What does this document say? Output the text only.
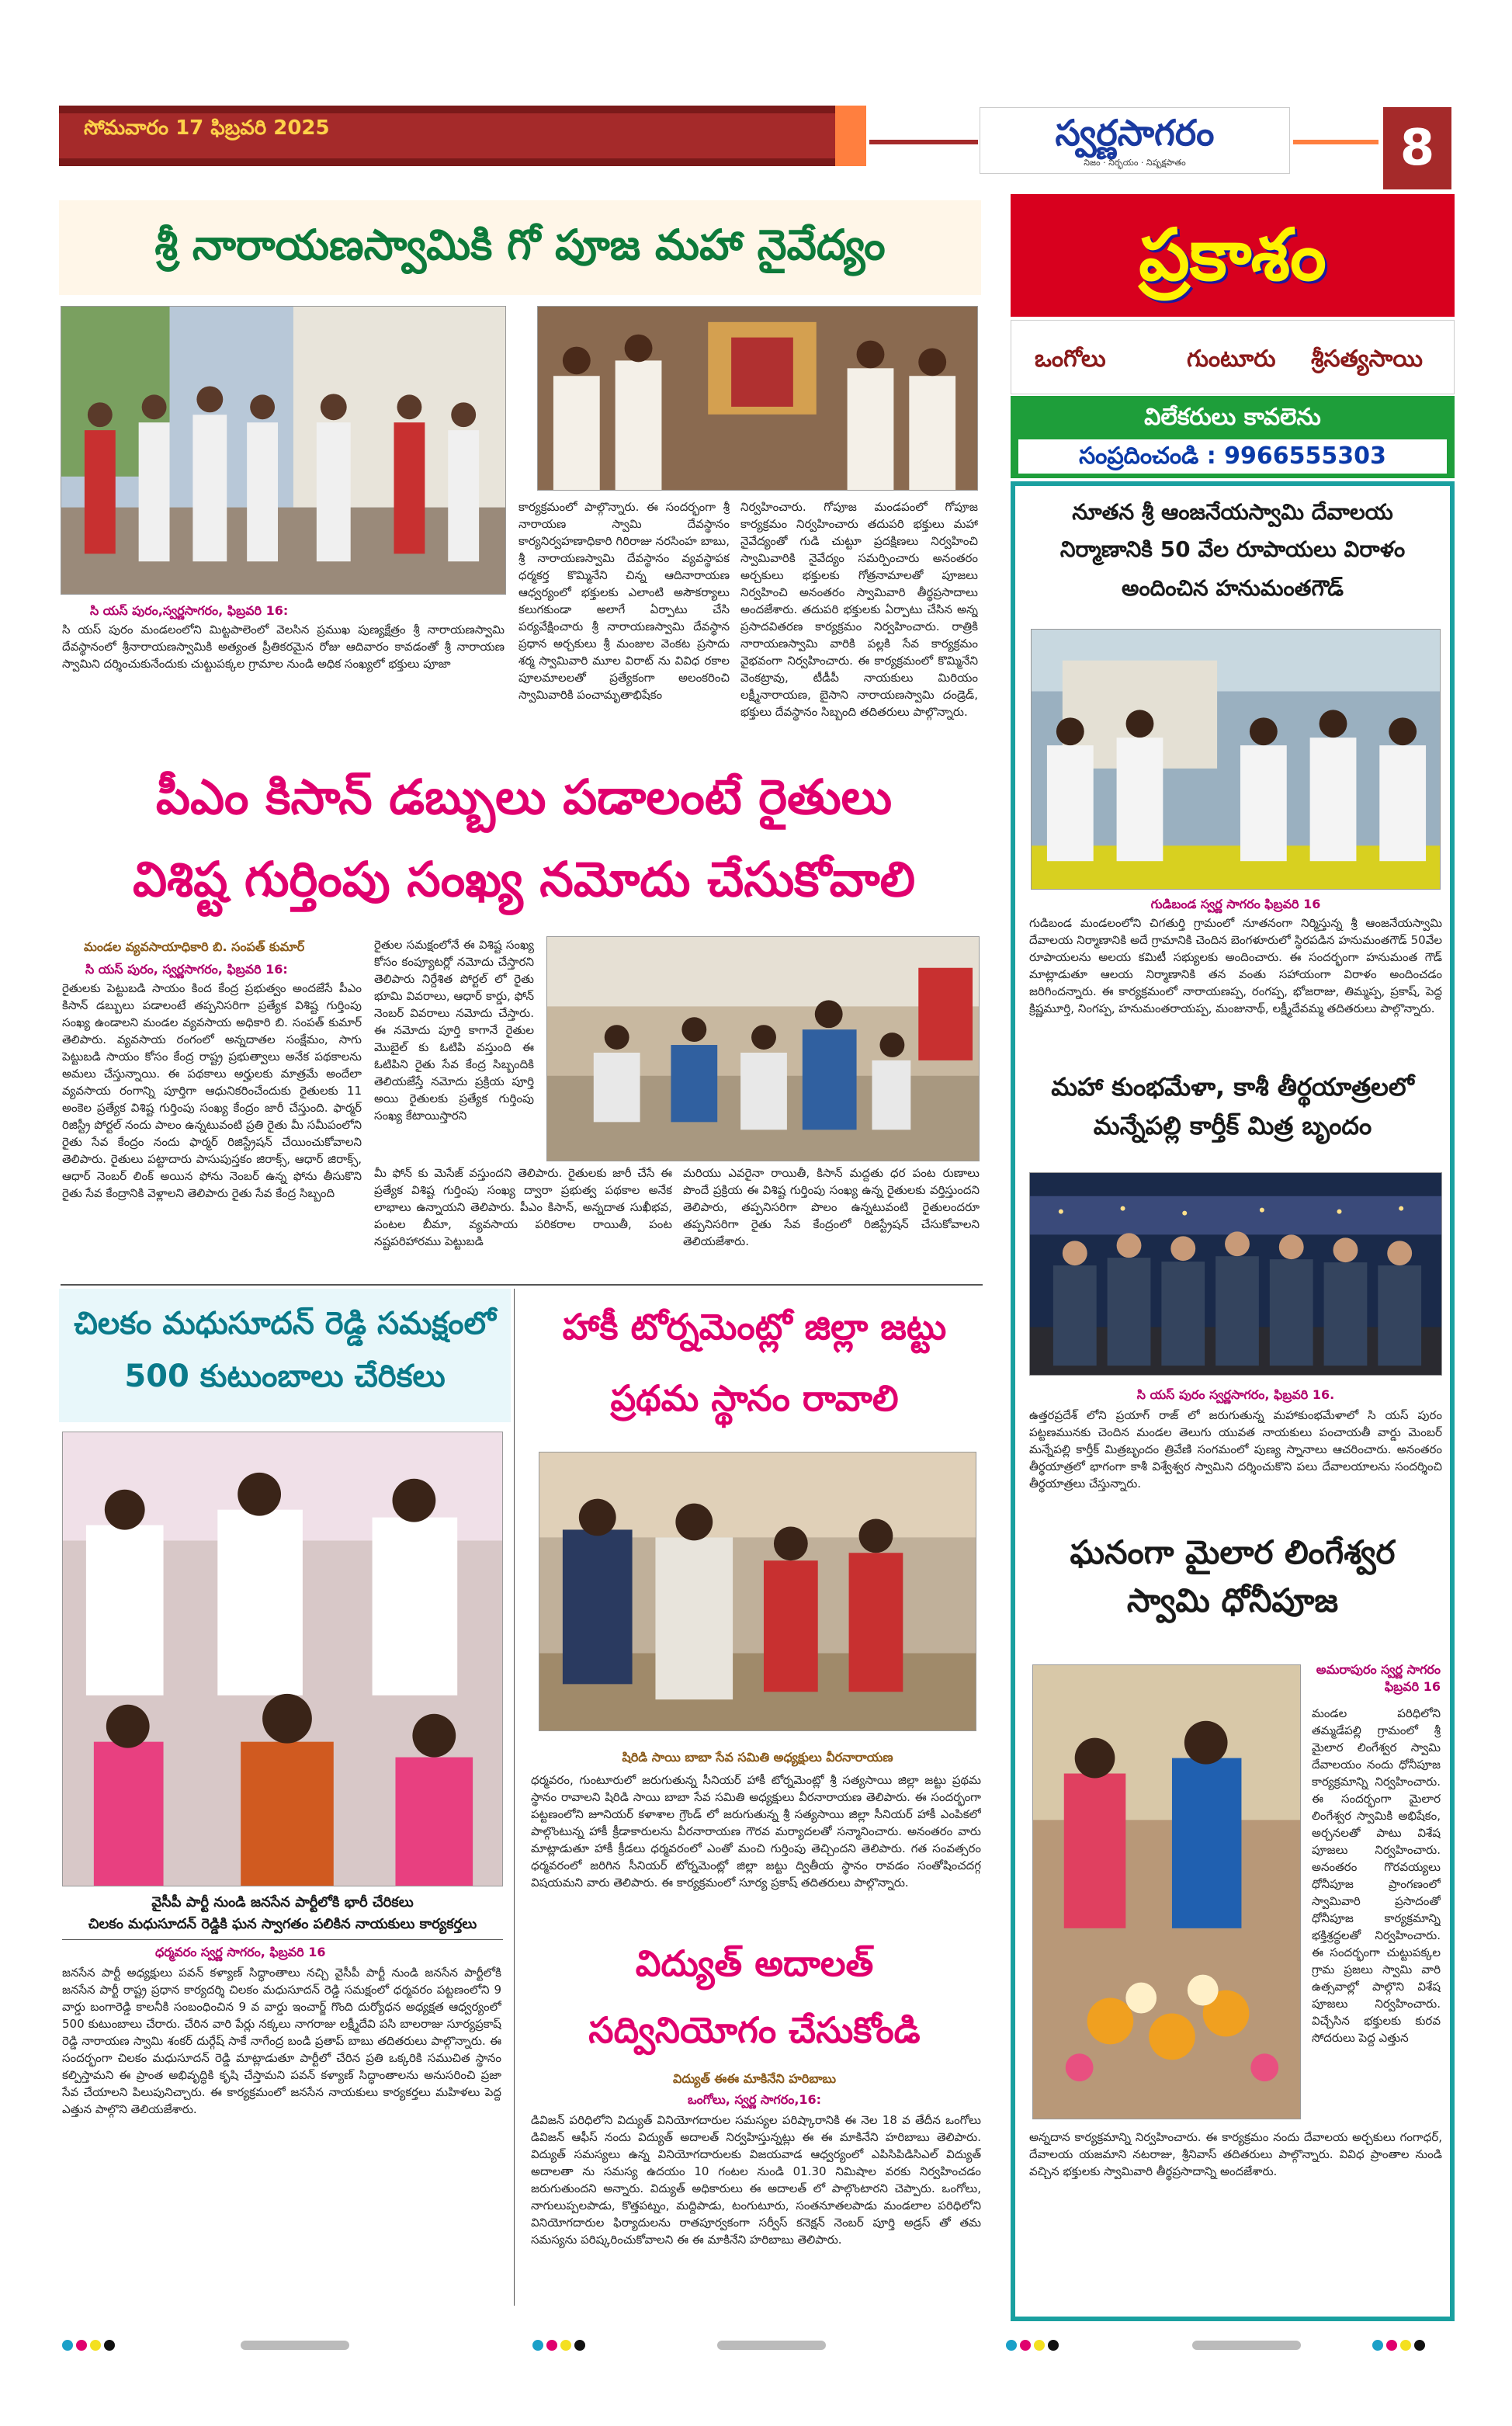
సోమవారం 17 ఫిబ్రవరి 2025	స్వర్ణసాగరం
నిజం · నిర్భయం · నిష్పక్షపాతం	8
శ్రీ నారాయణస్వామికి గో పూజ మహా నైవేద్యం
సి యస్ పురం,స్వర్ణసాగరం, ఫిబ్రవరి 16:
సి యస్ పురం మండలంలోని మిట్టపాలెంలో వెలసిన ప్రముఖ పుణ్యక్షేత్రం శ్రీ నారాయణస్వామి దేవస్థానంలో శ్రీనారాయణస్వామికి అత్యంత ప్రీతికరమైన రోజు ఆదివారం కావడంతో శ్రీ నారాయణ స్వామిని దర్శించుకునేందుకు చుట్టుపక్కల గ్రామాల నుండి అధిక సంఖ్యలో భక్తులు పూజా
కార్యక్రమంలో పాల్గొన్నారు. ఈ సందర్భంగా శ్రీ నారాయణ స్వామి దేవస్థానం కార్యనిర్వహణాధికారి గిరిరాజు నరసింహ బాబు, శ్రీ నారాయణస్వామి దేవస్థానం వ్యవస్థాపక ధర్మకర్త కొమ్మినేని చిన్న ఆదినారాయణ ఆధ్వర్యంలో భక్తులకు ఎలాంటి అసౌకర్యాలు కలుగకుండా అలాగే ఏర్పాటు చేసి పర్యవేక్షించారు శ్రీ నారాయణస్వామి దేవస్థాన ప్రధాన అర్చకులు శ్రీ మంజుల వెంకట ప్రసాదు శర్మ స్వామివారి మూల విరాట్ ను వివిధ రకాల పూలమాలలతో ప్రత్యేకంగా అలంకరించి స్వామివారికి పంచామృతాభిషేకం
నిర్వహించారు. గోపూజ మండపంలో గోపూజ కార్యక్రమం నిర్వహించారు తదుపరి భక్తులు మహా నైవేద్యంతో గుడి చుట్టూ ప్రదక్షిణలు నిర్వహించి స్వామివారికి నైవేద్యం సమర్పించారు అనంతరం అర్చకులు భక్తులకు గోత్రనామాలతో పూజలు నిర్వహించి అనంతరం స్వామివారి తీర్థప్రసాదాలు అందజేశారు. తదుపరి భక్తులకు ఏర్పాటు చేసిన అన్న ప్రసాదవితరణ కార్యక్రమం నిర్వహించారు. రాత్రికి నారాయణస్వామి వారికి పల్లకి సేవ కార్యక్రమం వైభవంగా నిర్వహించారు. ఈ కార్యక్రమంలో కొమ్మినేని వెంకట్రావు, టీడీపీ నాయకులు మిరియం లక్ష్మీనారాయణ, బైసాని నారాయణస్వామి దండ్రెడ్, భక్తులు దేవస్థానం సిబ్బంది తదితరులు పాల్గొన్నారు.
పీఎం కిసాన్ డబ్బులు పడాలంటే రైతులు
విశిష్ట గుర్తింపు సంఖ్య నమోదు చేసుకోవాలి
మండల వ్యవసాయాధికారి బి. సంపత్ కుమార్
సి యస్ పురం, స్వర్ణసాగరం, ఫిబ్రవరి 16:
రైతులకు పెట్టుబడి సాయం కింద కేంద్ర ప్రభుత్వం అందజేసే పీఎం కిసాన్ డబ్బులు పడాలంటే తప్పనిసరిగా ప్రత్యేక విశిష్ట గుర్తింపు సంఖ్య ఉండాలని మండల వ్యవసాయ అధికారి బి. సంపత్ కుమార్ తెలిపారు. వ్యవసాయ రంగంలో అన్నదాతల సంక్షేమం, సాగు పెట్టుబడి సాయం కోసం కేంద్ర రాష్ట్ర ప్రభుత్వాలు అనేక పథకాలను అమలు చేస్తున్నాయి. ఈ పథకాలు అర్హులకు మాత్రమే అందేలా వ్యవసాయ రంగాన్ని పూర్తిగా ఆధునికరించేందుకు రైతులకు 11 అంకెల ప్రత్యేక విశిష్ట గుర్తింపు సంఖ్య కేంద్రం జారీ చేస్తుంది. ఫార్మర్ రిజిస్ట్రీ పోర్టల్ నందు పాలం ఉన్నటువంటి ప్రతి రైతు మీ సమీపంలోని రైతు సేవ కేంద్రం నందు ఫార్మర్ రిజిస్ట్రేషన్ చేయించుకోవాలని తెలిపారు. రైతులు పట్టాదారు పాసుపుస్తకం జిరాక్స్, ఆధార్ జిరాక్స్, ఆధార్ నెంబర్ లింక్ అయిన ఫోను నెంబర్ ఉన్న ఫోను తీసుకొని రైతు సేవ కేంద్రానికి వెళ్లాలని తెలిపారు రైతు సేవ కేంద్ర సిబ్బంది
రైతుల సమక్షంలోనే ఈ విశిష్ట సంఖ్య కోసం కంప్యూటర్లో నమోదు చేస్తారని తెలిపారు నిర్దేశిత పోర్టల్ లో రైతు భూమి వివరాలు, ఆధార్ కార్డు, ఫోన్ నెంబర్ వివరాలు నమోదు చేస్తారు. ఈ నమోదు పూర్తి కాగానే రైతుల మొబైల్ కు ఓటిపి వస్తుంది ఈ ఓటిపిని రైతు సేవ కేంద్ర సిబ్బందికి తెలియజేస్తే నమోదు ప్రక్రియ పూర్తి అయి రైతులకు ప్రత్యేక గుర్తింపు సంఖ్య కేటాయిస్తారని
మీ ఫోన్ కు మెసేజ్ వస్తుందని తెలిపారు. రైతులకు జారీ చేసే ఈ ప్రత్యేక విశిష్ట గుర్తింపు సంఖ్య ద్వారా ప్రభుత్వ పథకాల అనేక లాభాలు ఉన్నాయని తెలిపారు. పీఎం కిసాన్, అన్నదాత సుఖీభవ, పంటల బీమా, వ్యవసాయ పరికరాల రాయితీ, పంట నష్టపరిహారము పెట్టుబడి
మరియు ఎవరైనా రాయితీ, కిసాన్ మద్దతు ధర పంట రుణాలు పొందే ప్రక్రియ ఈ విశిష్ట గుర్తింపు సంఖ్య ఉన్న రైతులకు వర్తిస్తుందని తెలిపారు, తప్పనిసరిగా పొలం ఉన్నటువంటి రైతులందరూ తప్పనిసరిగా రైతు సేవ కేంద్రంలో రిజిస్ట్రేషన్ చేసుకోవాలని తెలియజేశారు.
చిలకం మధుసూదన్ రెడ్డి సమక్షంలో
500 కుటుంబాలు చేరికలు
వైసీపీ పార్టీ నుండి జనసేన పార్టీలోకి భారీ చేరికలు
చిలకం మధుసూదన్ రెడ్డికి ఘన స్వాగతం పలికిన నాయకులు కార్యకర్తలు
ధర్మవరం స్వర్ణ సాగరం, ఫిబ్రవరి 16
జనసేన పార్టీ అధ్యక్షులు పవన్ కళ్యాణ్ సిద్ధాంతాలు నచ్చి వైసీపీ పార్టీ నుండి జనసేన పార్టీలోకి జనసేన పార్టీ రాష్ట్ర ప్రధాన కార్యదర్శి చిలకం మధుసూదన్ రెడ్డి సమక్షంలో ధర్మవరం పట్టణంలోని 9 వార్డు బంగారెడ్డి కాలనీకి సంబంధించిన 9 వ వార్డు ఇంచార్జ్ గొంది దుర్యోధన అధ్యక్షత ఆధ్వర్యంలో 500 కుటుంబాలు చేరారు. చేరిన వారి పేర్లు నక్కలు నాగరాజు లక్ష్మీదేవి పసి బాలరాజు సూర్యప్రకాష్ రెడ్డి నారాయణ స్వామి శంకర్ దుర్గేష్ సాకే నాగేంద్ర బండి ప్రతాప్ బాబు తదితరులు పాల్గొన్నారు. ఈ సందర్భంగా చిలకం మధుసూదన్ రెడ్డి మాట్లాడుతూ పార్టీలో చేరిన ప్రతి ఒక్కరికి సముచిత స్థానం కల్పిస్తామని ఈ ప్రాంత అభివృద్ధికి కృషి చేస్తామని పవన్ కళ్యాణ్ సిద్ధాంతాలను అనుసరించి ప్రజా సేవ చేయాలని పిలుపునిచ్చారు. ఈ కార్యక్రమంలో జనసేన నాయకులు కార్యకర్తలు మహిళలు పెద్ద ఎత్తున పాల్గొని తెలియజేశారు.
హాకీ టోర్నమెంట్లో జిల్లా జట్టు
ప్రథమ స్థానం రావాలి
షిరిడి సాయి బాబా సేవ సమితి అధ్యక్షులు వీరనారాయణ
ధర్మవరం, గుంటూరులో జరుగుతున్న సీనియర్ హాకీ టోర్నమెంట్లో శ్రీ సత్యసాయి జిల్లా జట్టు ప్రథమ స్థానం రావాలని షిరిడి సాయి బాబా సేవ సమితి అధ్యక్షులు వీరనారాయణ తెలిపారు. ఈ సందర్భంగా పట్టణంలోని జూనియర్ కళాశాల గ్రౌండ్ లో జరుగుతున్న శ్రీ సత్యసాయి జిల్లా సీనియర్ హాకీ ఎంపికలో పాల్గొంటున్న హాకీ క్రీడాకారులను వీరనారాయణ గౌరవ మర్యాదలతో సన్మానించారు. అనంతరం వారు మాట్లాడుతూ హాకీ క్రీడలు ధర్మవరంలో ఎంతో మంచి గుర్తింపు తెచ్చిందని తెలిపారు. గత సంవత్సరం ధర్మవరంలో జరిగిన సీనియర్ టోర్నమెంట్లో జిల్లా జట్టు ద్వితీయ స్థానం రావడం సంతోషించదగ్గ విషయమని వారు తెలిపారు. ఈ కార్యక్రమంలో సూర్య ప్రకాష్ తదితరులు పాల్గొన్నారు.
విద్యుత్ అదాలత్
సద్వినియోగం చేసుకోండి
విద్యుత్ ఈఈ మాకినేని హరిబాబు
ఒంగోలు, స్వర్ణ సాగరం,16:
డివిజన్ పరిధిలోని విద్యుత్ వినియోగదారుల సమస్యల పరిష్కారానికి ఈ నెల 18 వ తేదీన ఒంగోలు డివిజన్ ఆఫీస్ నందు విద్యుత్ అదాలత్ నిర్వహిస్తున్నట్లు ఈ ఈ మాకినేని హరిబాబు తెలిపారు. విద్యుత్ సమస్యలు ఉన్న వినియోగదారులకు విజయవాడ ఆధ్వర్యంలో ఎపిసిపిడిసిఎల్ విద్యుత్ అదాలతా ను సమస్య ఉదయం 10 గంటల నుండి 01.30 నిమిషాల వరకు నిర్వహించడం జరుగుతుందని అన్నారు. విద్యుత్ అధికారులు ఈ అదాలత్ లో పాల్గొంటారని చెప్పారు. ఒంగోలు, నాగులుప్పలపాడు, కొత్తపట్నం, మద్దిపాడు, టంగుటూరు, సంతనూతలపాడు మండలాల పరిధిలోని వినియోగదారుల ఫిర్యాదులను రాతపూర్వకంగా సర్వీస్ కనెక్షన్ నెంబర్ పూర్తి అడ్రస్ తో తమ సమస్యను పరిష్కరించుకోవాలని ఈ ఈ మాకినేని హరిబాబు తెలిపారు.
ప్రకాశం
ఒంగోలు	గుంటూరు శ్రీసత్యసాయి
విలేకరులు కావలెను
సంప్రదించండి : 9966555303
నూతన శ్రీ ఆంజనేయస్వామి దేవాలయ
నిర్మాణానికి 50 వేల రూపాయలు విరాళం
అందించిన హనుమంతగౌడ్
గుడిబండ స్వర్ణ సాగరం ఫిబ్రవరి 16
గుడిబండ మండలంలోని చిగతుర్తి గ్రామంలో నూతనంగా నిర్మిస్తున్న శ్రీ ఆంజనేయస్వామి దేవాలయ నిర్మాణానికి అదే గ్రామానికి చెందిన బెంగళూరులో స్థిరపడిన హనుమంతగౌడ్ 50వేల రూపాయలను అలయ కమిటీ సభ్యులకు అందించారు. ఈ సందర్భంగా హనుమంత గౌడ్ మాట్లాడుతూ ఆలయ నిర్మాణానికి తన వంతు సహాయంగా విరాళం అందించడం జరిగిందన్నారు. ఈ కార్యక్రమంలో నారాయణప్ప, రంగప్ప, భోజరాజు, తిమ్మప్ప, ప్రకాష్, పెద్ద క్రిష్ణమూర్తి, నింగప్ప, హనుమంతరాయప్ప, మంజునాథ్, లక్ష్మీదేవమ్మ తదితరులు పాల్గొన్నారు.
మహా కుంభమేళా, కాశీ తీర్థయాత్రలలో
మన్నేపల్లి కార్తీక్ మిత్ర బృందం
సి యస్ పురం స్వర్ణసాగరం, ఫిబ్రవరి 16.
ఉత్తరప్రదేశ్ లోని ప్రయాగ్ రాజ్ లో జరుగుతున్న మహాకుంభమేళాలో సి యస్ పురం పట్టణమునకు చెందిన మండల తెలుగు యువత నాయకులు పంచాయతీ వార్డు మెంబర్ మన్నేపల్లి కార్తీక్ మిత్రబృందం త్రివేణి సంగమంలో పుణ్య స్నానాలు ఆచరించారు. అనంతరం తీర్థయాత్రలో భాగంగా కాశీ విశ్వేశ్వర స్వామిని దర్శించుకొని పలు దేవాలయాలను సందర్శించి తీర్థయాత్రలు చేస్తున్నారు.
ఘనంగా మైలార లింగేశ్వర
స్వామి ధోనీపూజ
అమరాపురం స్వర్ణ సాగరం ఫిబ్రవరి 16
మండల పరిధిలోని తమ్మడేపల్లి గ్రామంలో శ్రీ మైలార లింగేశ్వర స్వామి దేవాలయం నందు ధోనీపూజ కార్యక్రమాన్ని నిర్వహించారు. ఈ సందర్భంగా మైలార లింగేశ్వర స్వామికి అభిషేకం, అర్చనలతో పాటు విశేష పూజలు నిర్వహించారు. అనంతరం గొరవయ్యలు ధోనీపూజ ప్రాంగణంలో స్వామివారి ప్రసాదంతో ధోనీపూజ కార్యక్రమాన్ని భక్తిశ్రద్ధలతో నిర్వహించారు. ఈ సందర్భంగా చుట్టుపక్కల గ్రామ ప్రజలు స్వామి వారి ఉత్సవాల్లో పాల్గొని విశేష పూజలు నిర్వహించారు. విచ్చేసిన భక్తులకు కురవ సోదరులు పెద్ద ఎత్తున
అన్నదాన కార్యక్రమాన్ని నిర్వహించారు. ఈ కార్యక్రమం నందు దేవాలయ అర్చకులు గంగాధర్, దేవాలయ యజమాని నటరాజు, శ్రీనివాస్ తదితరులు పాల్గొన్నారు. వివిధ ప్రాంతాల నుండి వచ్చిన భక్తులకు స్వామివారి తీర్థప్రసాదాన్ని అందజేశారు.
